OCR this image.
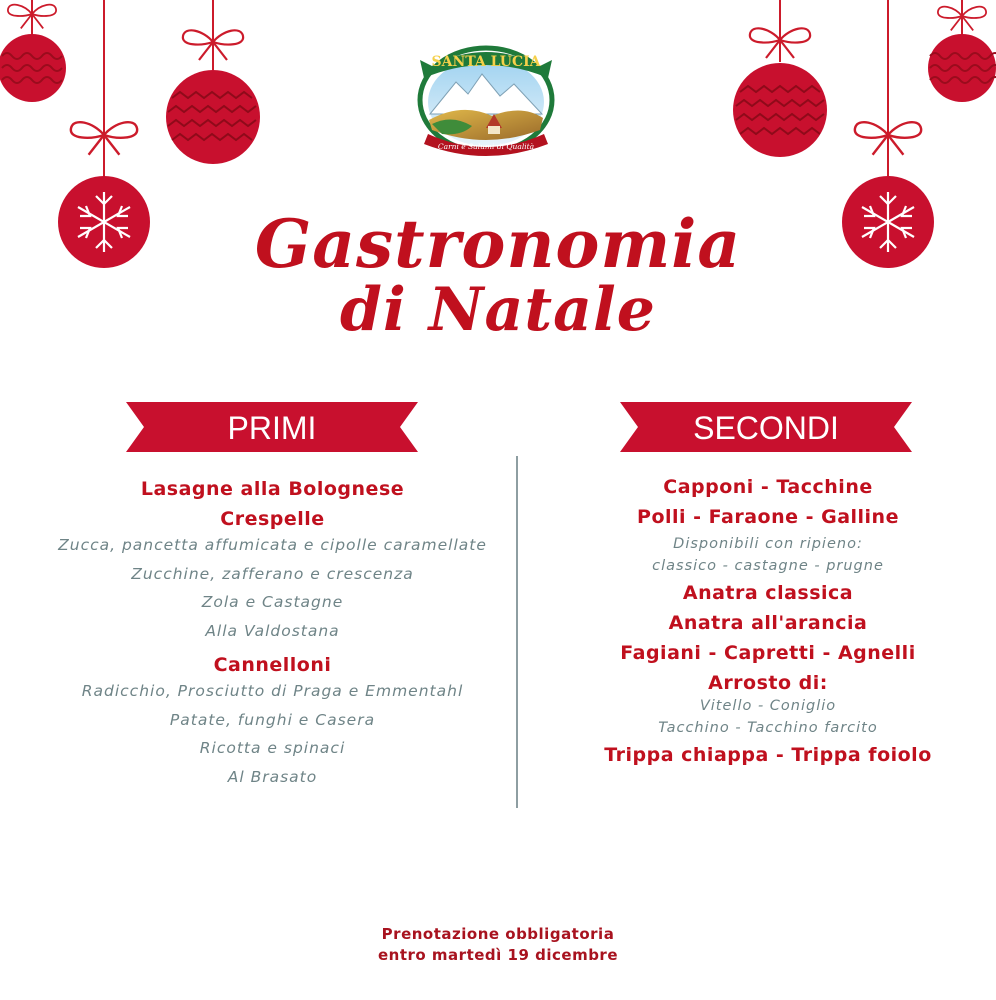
SANTA LUCIA
Carni e Salumi di Qualità
Gastronomia
di Natale
PRIMI	SECONDI
Lasagne alla Bolognese
Crespelle
Zucca, pancetta affumicata e cipolle caramellate
Zucchine, zafferano e crescenza
Zola e Castagne
Alla Valdostana
Cannelloni
Radicchio, Prosciutto di Praga e Emmentahl
Patate, funghi e Casera
Ricotta e spinaci
Al Brasato
Capponi - Tacchine
Polli - Faraone - Galline
Disponibili con ripieno:
classico - castagne - prugne
Anatra classica
Anatra all'arancia
Fagiani - Capretti - Agnelli
Arrosto di:
Vitello - Coniglio
Tacchino - Tacchino farcito
Trippa chiappa - Trippa foiolo
Prenotazione obbligatoria
entro martedì 19 dicembre
